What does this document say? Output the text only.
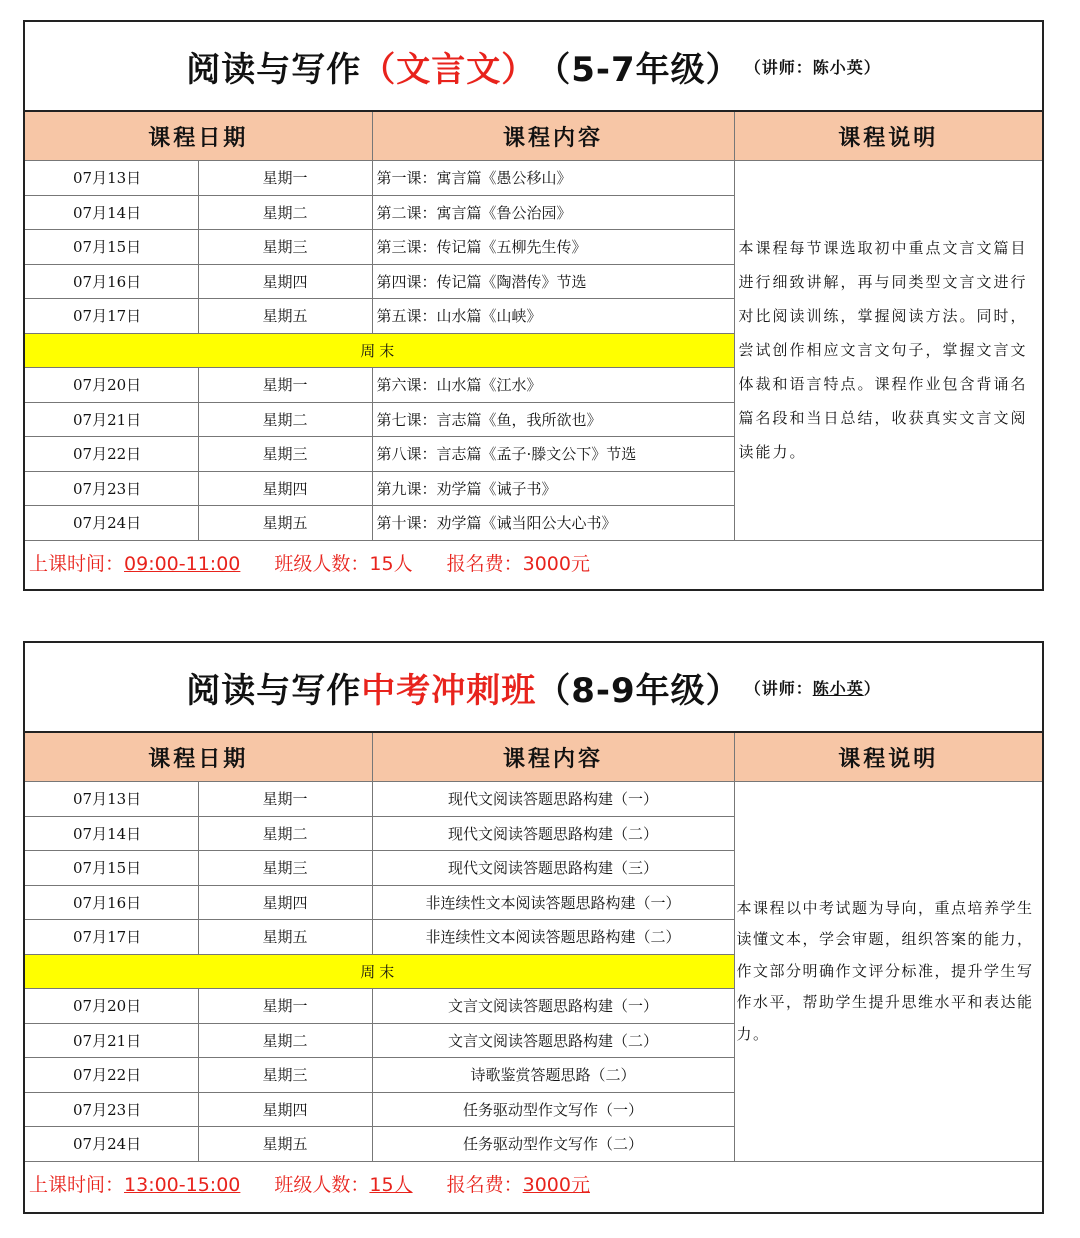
阅读与写作 （文言文） （5-7年级） （讲师：陈小英）
课程日期		课程内容	课程说明
07月13日	星期一	第一课：寓言篇《愚公移山》	本课程每节课选取初中重点文言文篇目进行细致讲解，再与同类型文言文进行对比阅读训练，掌握阅读方法。同时，尝试创作相应文言文句子，掌握文言文体裁和语言特点。课程作业包含背诵名篇名段和当日总结，收获真实文言文阅读能力。
07月14日	星期二	第二课：寓言篇《鲁公治园》	
07月15日	星期三	第三课：传记篇《五柳先生传》	
07月16日	星期四	第四课：传记篇《陶潜传》节选	
07月17日	星期五	第五课：山水篇《山峡》	
周末			
07月20日	星期一	第六课：山水篇《江水》	
07月21日	星期二	第七课：言志篇《鱼，我所欲也》	
07月22日	星期三	第八课：言志篇《孟子·滕文公下》节选	
07月23日	星期四	第九课：劝学篇《诫子书》	
07月24日	星期五	第十课：劝学篇《诫当阳公大心书》	
上课时间：09:00-11:00 班级人数：15人 报名费：3000元
阅读与写作 中考冲刺班 （8-9年级） （讲师：陈小英）
课程日期		课程内容	课程说明
07月13日	星期一	现代文阅读答题思路构建（一）	本课程以中考试题为导向，重点培养学生读懂文本，学会审题，组织答案的能力，作文部分明确作文评分标准，提升学生写作水平，帮助学生提升思维水平和表达能力。
07月14日	星期二	现代文阅读答题思路构建（二）	
07月15日	星期三	现代文阅读答题思路构建（三）	
07月16日	星期四	非连续性文本阅读答题思路构建（一）	
07月17日	星期五	非连续性文本阅读答题思路构建（二）	
周末			
07月20日	星期一	文言文阅读答题思路构建（一）	
07月21日	星期二	文言文阅读答题思路构建（二）	
07月22日	星期三	诗歌鉴赏答题思路（二）	
07月23日	星期四	任务驱动型作文写作（一）	
07月24日	星期五	任务驱动型作文写作（二）	
上课时间：13:00-15:00 班级人数：15人 报名费：3000元
